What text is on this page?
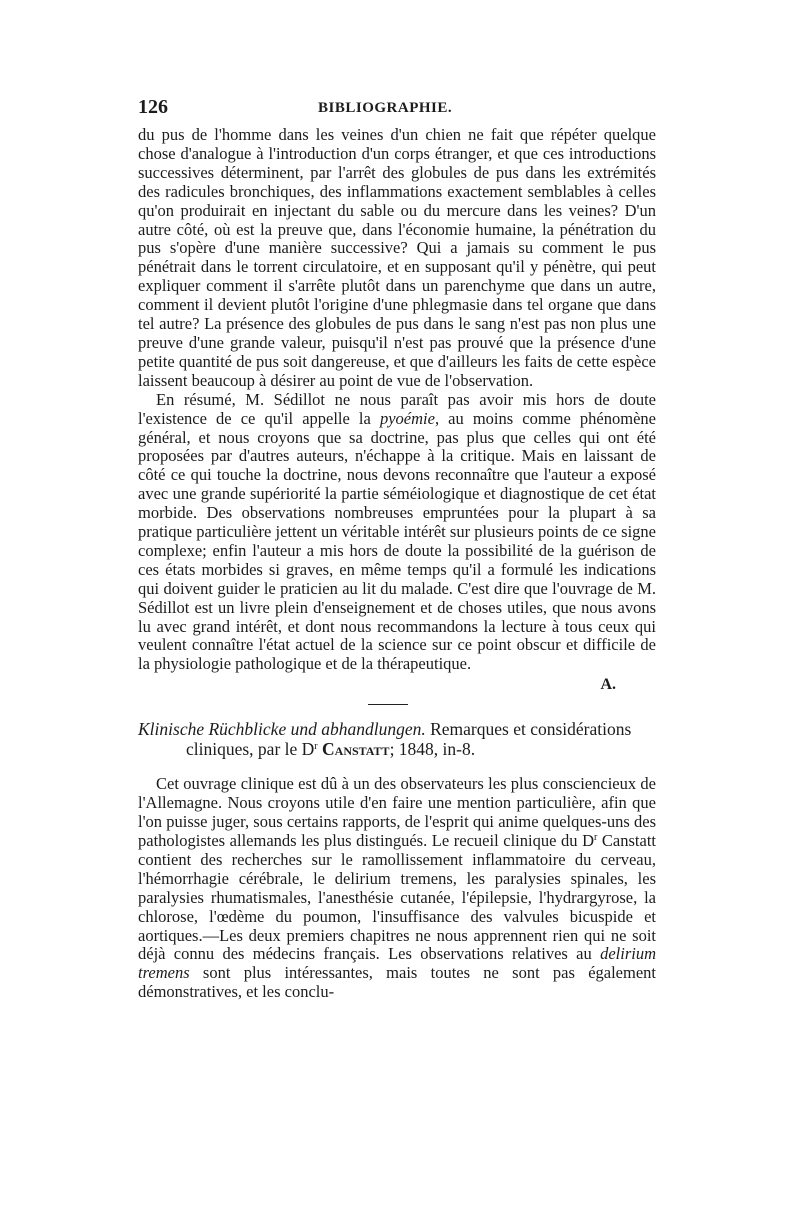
126	BIBLIOGRAPHIE.

du pus de l'homme dans les veines d'un chien ne fait que répéter quelque chose d'analogue à l'introduction d'un corps étranger, et que ces introductions successives déterminent, par l'arrêt des globules de pus dans les extrémités des radicules bronchiques, des inflammations exactement semblables à celles qu'on produirait en injectant du sable ou du mercure dans les veines? D'un autre côté, où est la preuve que, dans l'économie humaine, la pénétration du pus s'opère d'une manière successive? Qui a jamais su comment le pus pénétrait dans le torrent circulatoire, et en supposant qu'il y pénètre, qui peut expliquer comment il s'arrête plutôt dans un parenchyme que dans un autre, comment il devient plutôt l'origine d'une phlegmasie dans tel organe que dans tel autre? La présence des globules de pus dans le sang n'est pas non plus une preuve d'une grande valeur, puisqu'il n'est pas prouvé que la présence d'une petite quantité de pus soit dangereuse, et que d'ailleurs les faits de cette espèce laissent beaucoup à désirer au point de vue de l'observation.

En résumé, M. Sédillot ne nous paraît pas avoir mis hors de doute l'existence de ce qu'il appelle la pyoémie, au moins comme phénomène général, et nous croyons que sa doctrine, pas plus que celles qui ont été proposées par d'autres auteurs, n'échappe à la critique. Mais en laissant de côté ce qui touche la doctrine, nous devons reconnaître que l'auteur a exposé avec une grande supériorité la partie séméiologique et diagnostique de cet état morbide. Des observations nombreuses empruntées pour la plupart à sa pratique particulière jettent un véritable intérêt sur plusieurs points de ce signe complexe; enfin l'auteur a mis hors de doute la possibilité de la guérison de ces états morbides si graves, en même temps qu'il a formulé les indications qui doivent guider le praticien au lit du malade. C'est dire que l'ouvrage de M. Sédillot est un livre plein d'enseignement et de choses utiles, que nous avons lu avec grand intérêt, et dont nous recommandons la lecture à tous ceux qui veulent connaître l'état actuel de la science sur ce point obscur et difficile de la physiologie pathologique et de la thérapeutique.

A.

Klinische Rüchblicke und abhandlungen. Remarques et considérations cliniques, par le $D^r$ Canstatt; 1848, in-8.

Cet ouvrage clinique est dû à un des observateurs les plus consciencieux de l'Allemagne. Nous croyons utile d'en faire une mention particulière, afin que l'on puisse juger, sous certains rapports, de l'esprit qui anime quelques-uns des pathologistes allemands les plus distingués. Le recueil clinique du $D^r$ Canstatt contient des recherches sur le ramollissement inflammatoire du cerveau, l'hémorrhagie cérébrale, le delirium tremens, les paralysies spinales, les paralysies rhumatismales, l'anesthésie cutanée, l'épilepsie, l'hydrargyrose, la chlorose, l'œdème du poumon, l'insuffisance des valvules bicuspide et aortiques.—Les deux premiers chapitres ne nous apprennent rien qui ne soit déjà connu des médecins français. Les observations relatives au delirium tremens sont plus intéressantes, mais toutes ne sont pas également démonstratives, et les conclu-
